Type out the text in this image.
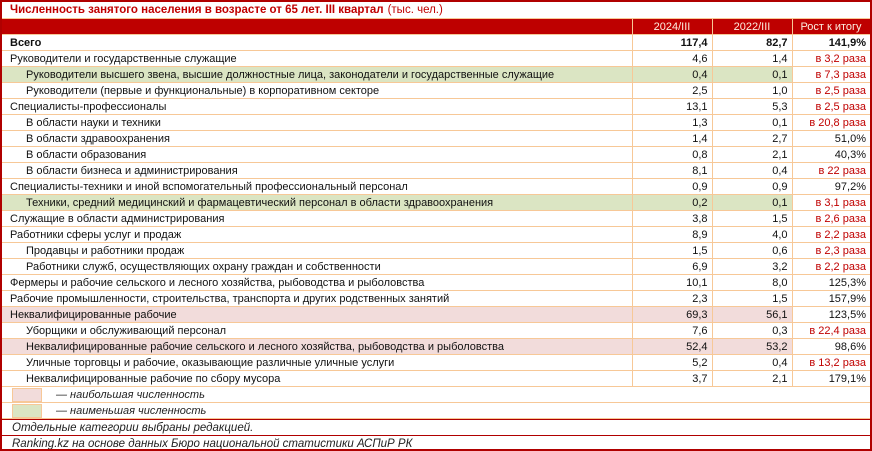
Численность занятого населения в возрасте от 65 лет. III квартал (тыс. чел.)
	2024/III	2022/III	Рост к итогу
Всего	117,4	82,7	141,9%
Руководители и государственные служащие	4,6	1,4	в 3,2 раза
Руководители высшего звена, высшие должностные лица, законодатели и государственные служащие	0,4	0,1	в 7,3 раза
Руководители (первые и функциональные) в корпоративном секторе	2,5	1,0	в 2,5 раза
Специалисты-профессионалы	13,1	5,3	в 2,5 раза
В области науки и техники	1,3	0,1	в 20,8 раза
В области здравоохранения	1,4	2,7	51,0%
В области образования	0,8	2,1	40,3%
В области бизнеса и администрирования	8,1	0,4	в 22 раза
Специалисты-техники и иной вспомогательный профессиональный персонал	0,9	0,9	97,2%
Техники, средний медицинский и фармацевтический персонал в области здравоохранения	0,2	0,1	в 3,1 раза
Служащие в области администрирования	3,8	1,5	в 2,6 раза
Работники сферы услуг и продаж	8,9	4,0	в 2,2 раза
Продавцы и работники продаж	1,5	0,6	в 2,3 раза
Работники служб, осуществляющих охрану граждан и собственности	6,9	3,2	в 2,2 раза
Фермеры и рабочие сельского и лесного хозяйства, рыбоводства и рыболовства	10,1	8,0	125,3%
Рабочие промышленности, строительства, транспорта и других родственных занятий	2,3	1,5	157,9%
Неквалифицированные рабочие	69,3	56,1	123,5%
Уборщики и обслуживающий персонал	7,6	0,3	в 22,4 раза
Неквалифицированные рабочие сельского и лесного хозяйства, рыбоводства и рыболовства	52,4	53,2	98,6%
Уличные торговцы и рабочие, оказывающие различные уличные услуги	5,2	0,4	в 13,2 раза
Неквалифицированные рабочие по сбору мусора	3,7	2,1	179,1%
— наибольшая численность
— наименьшая численность
Отдельные категории выбраны редакцией.
Ranking.kz на основе данных Бюро национальной статистики АСПиР РК
